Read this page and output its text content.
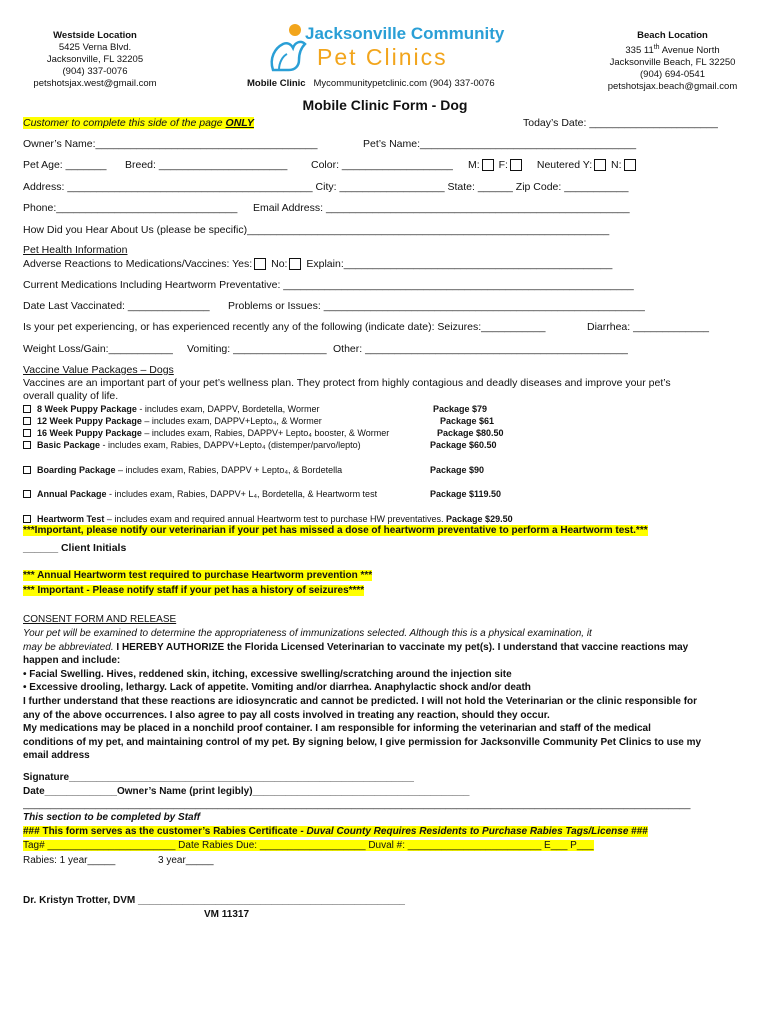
Westside Location
5425 Verna Blvd.
Jacksonville, FL 32205
(904) 337-0076
petshotsjax.west@gmail.com
Jacksonville Community
Pet Clinics
Mobile Clinic Mycommunitypetclinic.com (904) 337-0076
Beach Location
335 11th Avenue North
Jacksonville Beach, FL 32250
(904) 694-0541
petshotsjax.beach@gmail.com
Mobile Clinic Form - Dog
Customer to complete this side of the page ONLY	Today’s Date: ______________________
Owner’s Name:______________________________________	Pet’s Name:_____________________________________
Pet Age: _______ Breed: ______________________ Color: ___________________ M: F:	Neutered Y: N:
Address: __________________________________________ City: __________________ State: ______ Zip Code: ___________
Phone:_______________________________ Email Address: ____________________________________________________
How Did you Hear About Us (please be specific)______________________________________________________________
Pet Health Information
Adverse Reactions to Medications/Vaccines: Yes: No: Explain:______________________________________________
Current Medications Including Heartworm Preventative: ____________________________________________________________
Date Last Vaccinated: ______________ Problems or Issues: _______________________________________________________
Is your pet experiencing, or has experienced recently any of the following (indicate date): Seizures:___________	Diarrhea: _____________
Weight Loss/Gain:___________ Vomiting: ________________ Other: _____________________________________________
Vaccine Value Packages – Dogs
Vaccines are an important part of your pet’s wellness plan. They protect from highly contagious and deadly diseases and improve your pet’s
overall quality of life.
8 Week Puppy Package - includes exam, DAPPV, Bordetella, Wormer	Package $79
12 Week Puppy Package – includes exam, DAPPV+Lepto₄, & Wormer	Package $61
16 Week Puppy Package – includes exam, Rabies, DAPPV+ Lepto₄ booster, & Wormer	Package $80.50
Basic Package - includes exam, Rabies, DAPPV+Lepto₄ (distemper/parvo/lepto)	Package $60.50
Boarding Package – includes exam, Rabies, DAPPV + Lepto₄, & Bordetella	Package $90
Annual Package - includes exam, Rabies, DAPPV+ L₄, Bordetella, & Heartworm test	Package $119.50
Heartworm Test – includes exam and required annual Heartworm test to purchase HW preventatives. Package $29.50
***Important, please notify our veterinarian if your pet has missed a dose of heartworm preventative to perform a Heartworm test.***
______ Client Initials
*** Annual Heartworm test required to purchase Heartworm prevention ***
*** Important - Please notify staff if your pet has a history of seizures****
CONSENT FORM AND RELEASE
Your pet will be examined to determine the appropriateness of immunizations selected. Although this is a physical examination, it
may be abbreviated. I HEREBY AUTHORIZE the Florida Licensed Veterinarian to vaccinate my pet(s). I understand that vaccine reactions may
happen and include:
• Facial Swelling. Hives, reddened skin, itching, excessive swelling/scratching around the injection site
• Excessive drooling, lethargy. Lack of appetite. Vomiting and/or diarrhea. Anaphylactic shock and/or death
I further understand that these reactions are idiosyncratic and cannot be predicted. I will not hold the Veterinarian or the clinic responsible for
any of the above occurrences. I also agree to pay all costs involved in treating any reaction, should they occur.
My medications may be placed in a nonchild proof container. I am responsible for informing the veterinarian and staff of the medical
conditions of my pet, and maintaining control of my pet. By signing below, I give permission for Jacksonville Community Pet Clinics to use my
email address
Signature______________________________________________________________
Date_____________Owner’s Name (print legibly)_______________________________________
________________________________________________________________________________________________________________________
This section to be completed by Staff
### This form serves as the customer’s Rabies Certificate - Duval County Requires Residents to Purchase Rabies Tags/License ###
Tag# _______________________ Date Rabies Due: ___________________ Duval #: ________________________ E___ P___
Rabies: 1 year_____	3 year_____
Dr. Kristyn Trotter, DVM ________________________________________________
VM 11317
